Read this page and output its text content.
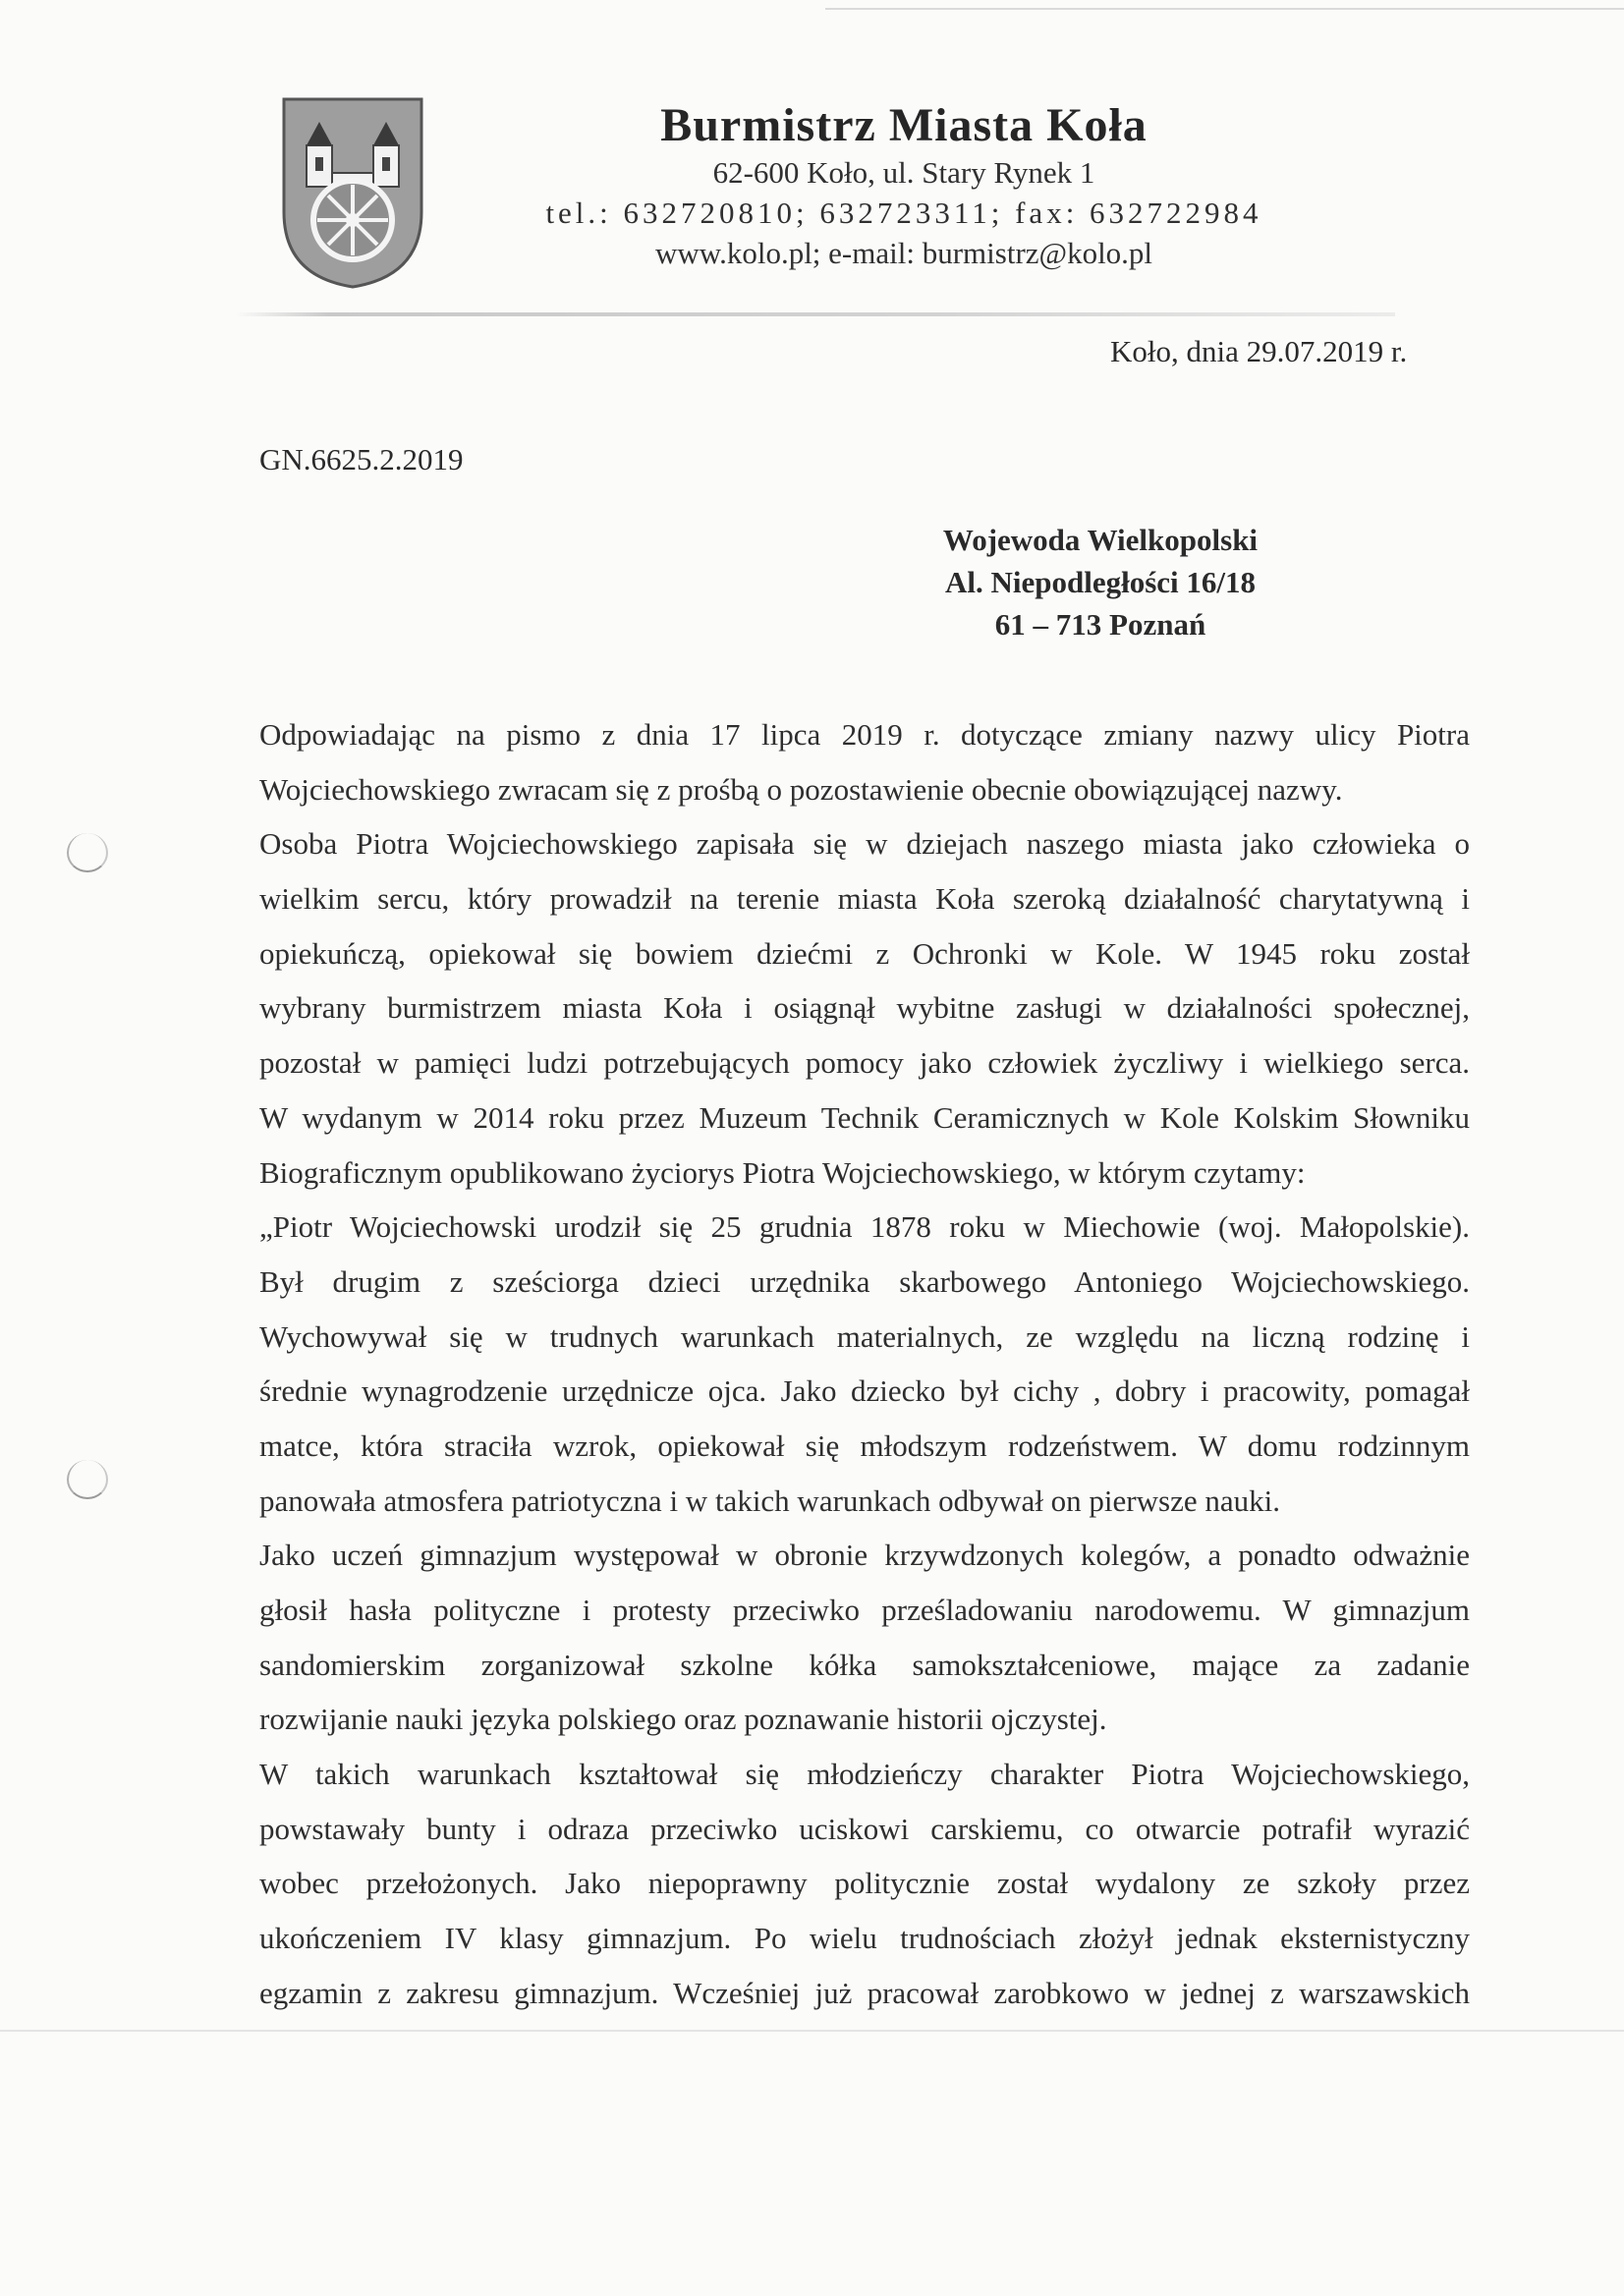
Burmistrz Miasta Koła
62-600 Koło, ul. Stary Rynek 1
tel.: 632720810; 632723311; fax: 632722984
www.kolo.pl; e-mail: burmistrz@kolo.pl
Koło, dnia 29.07.2019 r.
GN.6625.2.2019
Wojewoda Wielkopolski
Al. Niepodległości 16/18
61 – 713 Poznań
Odpowiadając na pismo z dnia 17 lipca 2019 r. dotyczące zmiany nazwy ulicy Piotra
Wojciechowskiego zwracam się z prośbą o pozostawienie obecnie obowiązującej nazwy.
Osoba Piotra Wojciechowskiego zapisała się w dziejach naszego miasta jako człowieka o
wielkim sercu, który prowadził na terenie miasta Koła szeroką działalność charytatywną i
opiekuńczą, opiekował się bowiem dziećmi z Ochronki w Kole. W 1945 roku został
wybrany burmistrzem miasta Koła i osiągnął wybitne zasługi w działalności społecznej,
pozostał w pamięci ludzi potrzebujących pomocy jako człowiek życzliwy i wielkiego serca.
W wydanym w 2014 roku przez Muzeum Technik Ceramicznych w Kole Kolskim Słowniku
Biograficznym opublikowano życiorys Piotra Wojciechowskiego, w którym czytamy:
„Piotr Wojciechowski urodził się 25 grudnia 1878 roku w Miechowie (woj. Małopolskie).
Był drugim z sześciorga dzieci urzędnika skarbowego Antoniego Wojciechowskiego.
Wychowywał się w trudnych warunkach materialnych, ze względu na liczną rodzinę i
średnie wynagrodzenie urzędnicze ojca. Jako dziecko był cichy , dobry i pracowity, pomagał
matce, która straciła wzrok, opiekował się młodszym rodzeństwem. W domu rodzinnym
panowała atmosfera patriotyczna i w takich warunkach odbywał on pierwsze nauki.
Jako uczeń gimnazjum występował w obronie krzywdzonych kolegów, a ponadto odważnie
głosił hasła polityczne i protesty przeciwko prześladowaniu narodowemu. W gimnazjum
sandomierskim zorganizował szkolne kółka samokształceniowe, mające za zadanie
rozwijanie nauki języka polskiego oraz poznawanie historii ojczystej.
W takich warunkach kształtował się młodzieńczy charakter Piotra Wojciechowskiego,
powstawały bunty i odraza przeciwko uciskowi carskiemu, co otwarcie potrafił wyrazić
wobec przełożonych. Jako niepoprawny politycznie został wydalony ze szkoły przez
ukończeniem IV klasy gimnazjum. Po wielu trudnościach złożył jednak eksternistyczny
egzamin z zakresu gimnazjum. Wcześniej już pracował zarobkowo w jednej z warszawskich
